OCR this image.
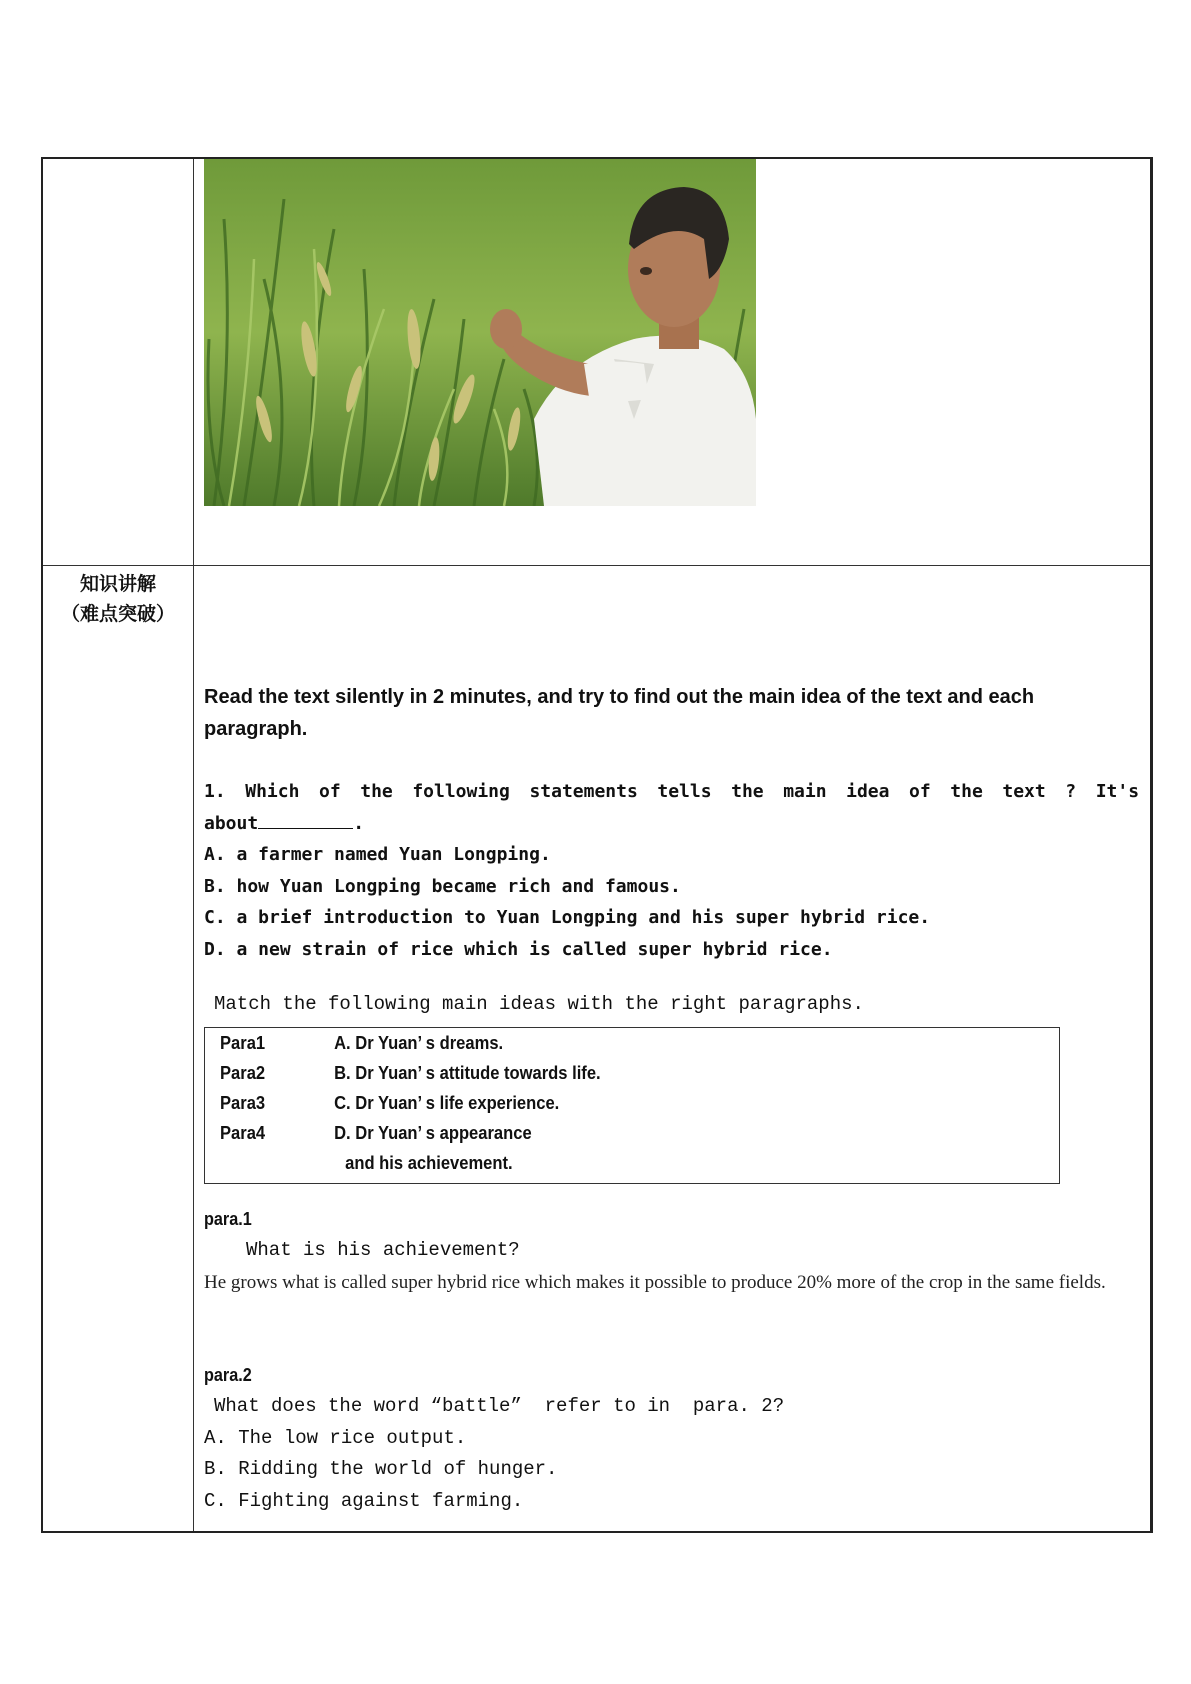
知识讲解
（难点突破）
Read the text silently in 2 minutes, and try to find out the main idea of the text and each paragraph.
1. Which of the following statements tells the main idea of the text ? It's
about	.
A. a farmer named Yuan Longping.
B. how Yuan Longping became rich and famous.
C. a brief introduction to Yuan Longping and his super hybrid rice.
D. a new strain of rice which is called super hybrid rice.
Match the following main ideas with the right paragraphs.
Para1	A. Dr Yuan’ s dreams.
Para2	B. Dr Yuan’ s attitude towards life.
Para3	C. Dr Yuan’ s life experience.
Para4	D. Dr Yuan’ s appearance
and his achievement.
para.1
What is his achievement?
He grows what is called super hybrid rice which makes it possible to produce 20% more of the crop in the same fields.
para.2
What does the word “battle”  refer to in  para. 2?
A. The low rice output.
B. Ridding the world of hunger.
C. Fighting against farming.
